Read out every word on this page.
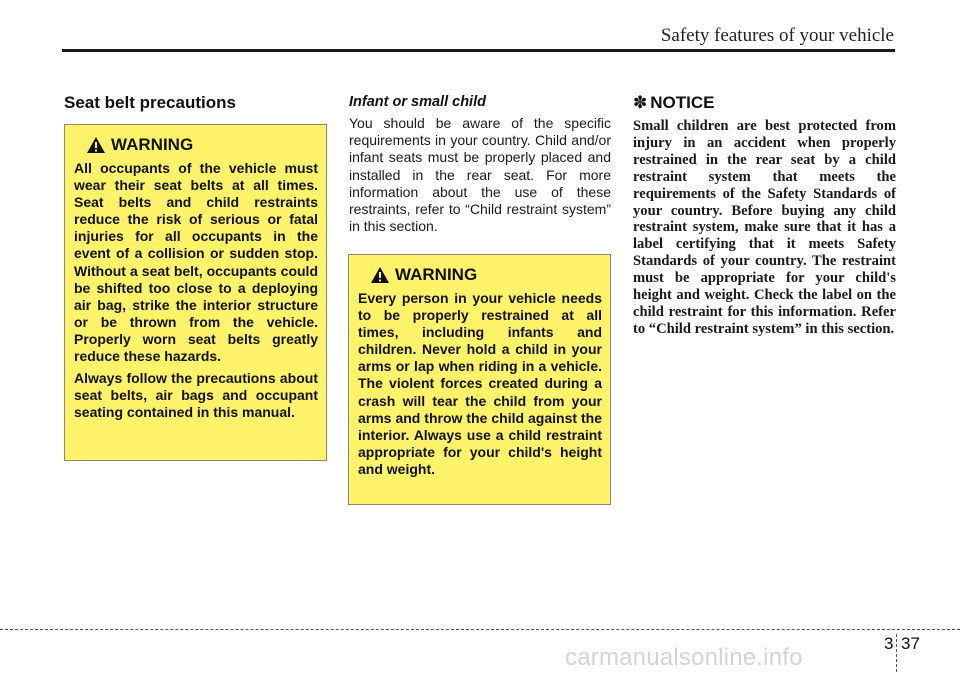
Safety features of your vehicle
Seat belt precautions
WARNING

All occupants of the vehicle must wear their seat belts at all times. Seat belts and child restraints reduce the risk of serious or fatal injuries for all occupants in the event of a collision or sudden stop. Without a seat belt, occupants could be shifted too close to a deploying air bag, strike the interior structure or be thrown from the vehicle. Properly worn seat belts greatly reduce these hazards.

Always follow the precautions about seat belts, air bags and occupant seating contained in this manual.

Infant or small child

You should be aware of the specific requirements in your country. Child and/or infant seats must be properly placed and installed in the rear seat. For more information about the use of these restraints, refer to “Child restraint system” in this section.

WARNING

Every person in your vehicle needs to be properly restrained at all times, including infants and children. Never hold a child in your arms or lap when riding in a vehicle. The violent forces created during a crash will tear the child from your arms and throw the child against the interior. Always use a child restraint appropriate for your child's height and weight.

✽ NOTICE

Small children are best protected from injury in an accident when properly restrained in the rear seat by a child restraint system that meets the requirements of the Safety Standards of your country. Before buying any child restraint system, make sure that it has a label certifying that it meets Safety Standards of your country. The restraint must be appropriate for your child's height and weight. Check the label on the child restraint for this information. Refer to “Child restraint system” in this section.

3 37
carmanualsonline.info
